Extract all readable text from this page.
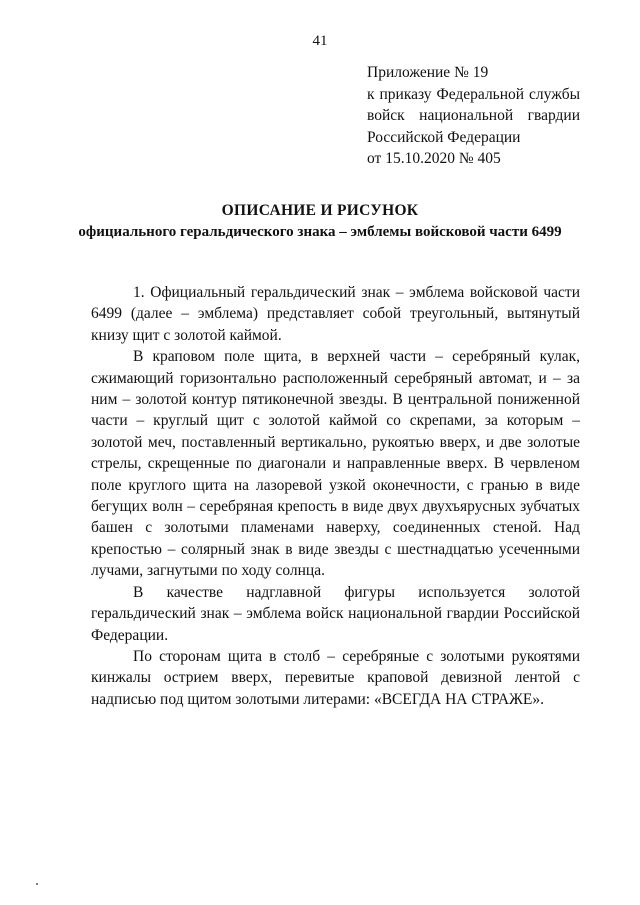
41
Приложение № 19
к приказу Федеральной службы
войск национальной гвардии
Российской Федерации
от 15.10.2020 № 405
ОПИСАНИЕ И РИСУНОК
официального геральдического знака – эмблемы войсковой части 6499

1. Официальный геральдический знак – эмблема войсковой части 6499 (далее – эмблема) представляет собой треугольный, вытянутый книзу щит с золотой каймой.

В краповом поле щита, в верхней части – серебряный кулак, сжимающий горизонтально расположенный серебряный автомат, и – за ним – золотой контур пятиконечной звезды. В центральной пониженной части – круглый щит с золотой каймой со скрепами, за которым – золотой меч, поставленный вертикально, рукоятью вверх, и две золотые стрелы, скрещенные по диагонали и направленные вверх. В червленом поле круглого щита на лазоревой узкой оконечности, с гранью в виде бегущих волн – серебряная крепость в виде двух двухъярусных зубчатых башен с золотыми пламенами наверху, соединенных стеной. Над крепостью – солярный знак в виде звезды с шестнадцатью усеченными лучами, загнутыми по ходу солнца.

В качестве надглавной фигуры используется золотой геральдический знак – эмблема войск национальной гвардии Российской Федерации.

По сторонам щита в столб – серебряные с золотыми рукоятями кинжалы острием вверх, перевитые краповой девизной лентой с надписью под щитом золотыми литерами: «ВСЕГДА НА СТРАЖЕ».
